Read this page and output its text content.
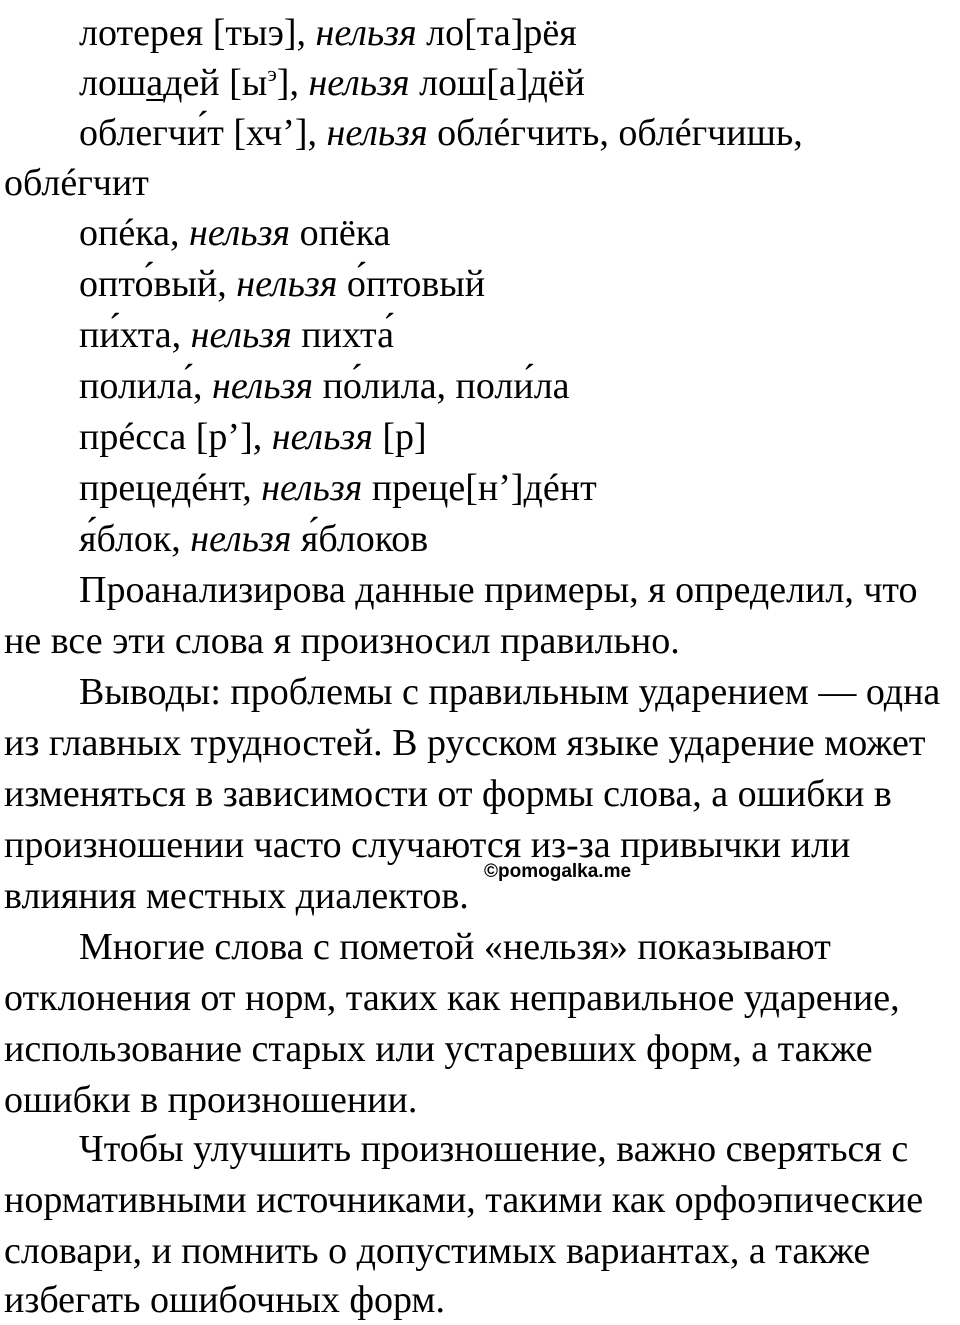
лотерея [тыэ], нельзя ло[та]рёя

лошадей $[ы^э]$, нельзя лош[а]дёй

облегчи́т [хч’], нельзя облéгчить, облéгчишь,

облéгчит

опéка, нельзя опёка

опто́вый, нельзя о́птовый

пи́хта, нельзя пихта́

полила́, нельзя по́лила, поли́ла

прéсса [р’], нельзя [р]

прецедéнт, нельзя преце[н’]дéнт

я́блок, нельзя я́блоков

Проанализирова данные примеры, я определил, что

не все эти слова я произносил правильно.

Выводы: проблемы с правильным ударением — одна

из главных трудностей. В русском языке ударение может

изменяться в зависимости от формы слова, а ошибки в

произношении часто случаются из-за привычки или

влияния местных диалектов.

©pomogalka.me

Многие слова с пометой «нельзя» показывают

отклонения от норм, таких как неправильное ударение,

использование старых или устаревших форм, а также

ошибки в произношении.

Чтобы улучшить произношение, важно сверяться с

нормативными источниками, такими как орфоэпические

словари, и помнить о допустимых вариантах, а также

избегать ошибочных форм.
